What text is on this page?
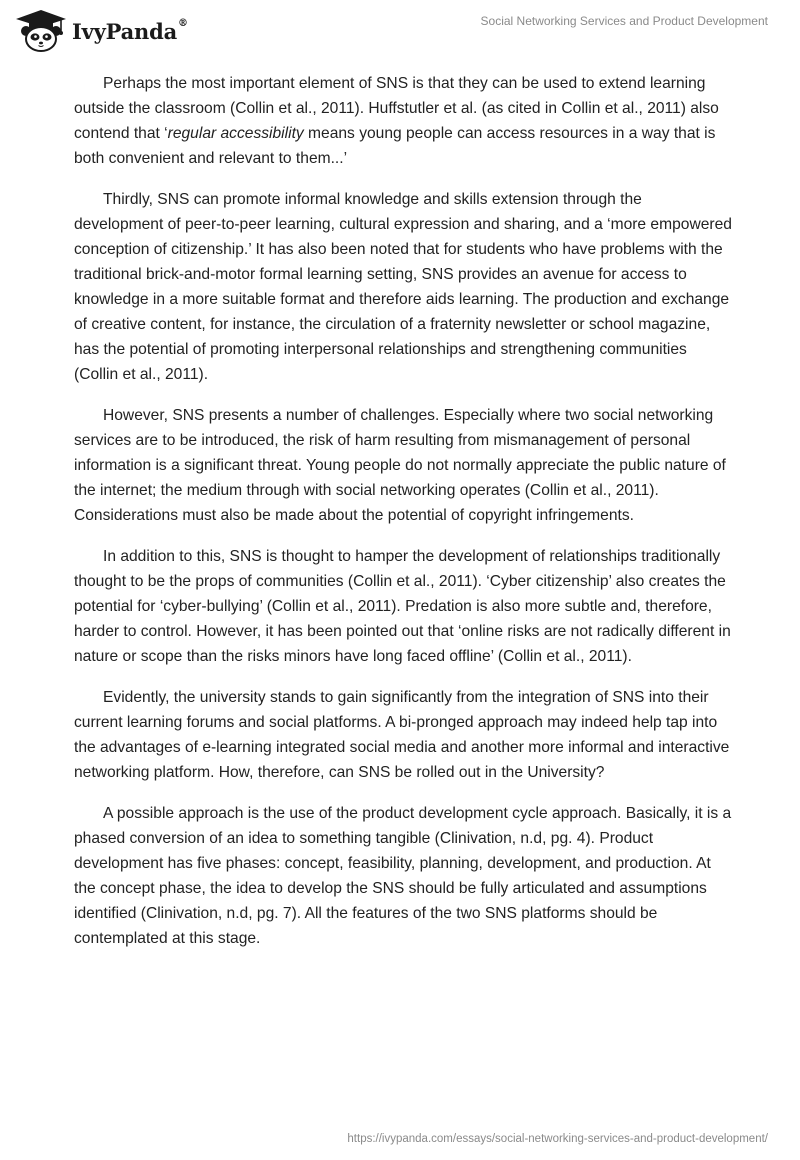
IvyPanda®	Social Networking Services and Product Development

Perhaps the most important element of SNS is that they can be used to extend learning outside the classroom (Collin et al., 2011). Huffstutler et al. (as cited in Collin et al., 2011) also contend that ‘regular accessibility means young people can access resources in a way that is both convenient and relevant to them...’

Thirdly, SNS can promote informal knowledge and skills extension through the development of peer-to-peer learning, cultural expression and sharing, and a ‘more empowered conception of citizenship.’ It has also been noted that for students who have problems with the traditional brick-and-motor formal learning setting, SNS provides an avenue for access to knowledge in a more suitable format and therefore aids learning. The production and exchange of creative content, for instance, the circulation of a fraternity newsletter or school magazine, has the potential of promoting interpersonal relationships and strengthening communities (Collin et al., 2011).

However, SNS presents a number of challenges. Especially where two social networking services are to be introduced, the risk of harm resulting from mismanagement of personal information is a significant threat. Young people do not normally appreciate the public nature of the internet; the medium through with social networking operates (Collin et al., 2011). Considerations must also be made about the potential of copyright infringements.

In addition to this, SNS is thought to hamper the development of relationships traditionally thought to be the props of communities (Collin et al., 2011). ‘Cyber citizenship’ also creates the potential for ‘cyber-bullying’ (Collin et al., 2011). Predation is also more subtle and, therefore, harder to control. However, it has been pointed out that ‘online risks are not radically different in nature or scope than the risks minors have long faced offline’ (Collin et al., 2011).

Evidently, the university stands to gain significantly from the integration of SNS into their current learning forums and social platforms. A bi-pronged approach may indeed help tap into the advantages of e-learning integrated social media and another more informal and interactive networking platform. How, therefore, can SNS be rolled out in the University?

A possible approach is the use of the product development cycle approach. Basically, it is a phased conversion of an idea to something tangible (Clinivation, n.d, pg. 4). Product development has five phases: concept, feasibility, planning, development, and production. At the concept phase, the idea to develop the SNS should be fully articulated and assumptions identified (Clinivation, n.d, pg. 7). All the features of the two SNS platforms should be contemplated at this stage.

https://ivypanda.com/essays/social-networking-services-and-product-development/
